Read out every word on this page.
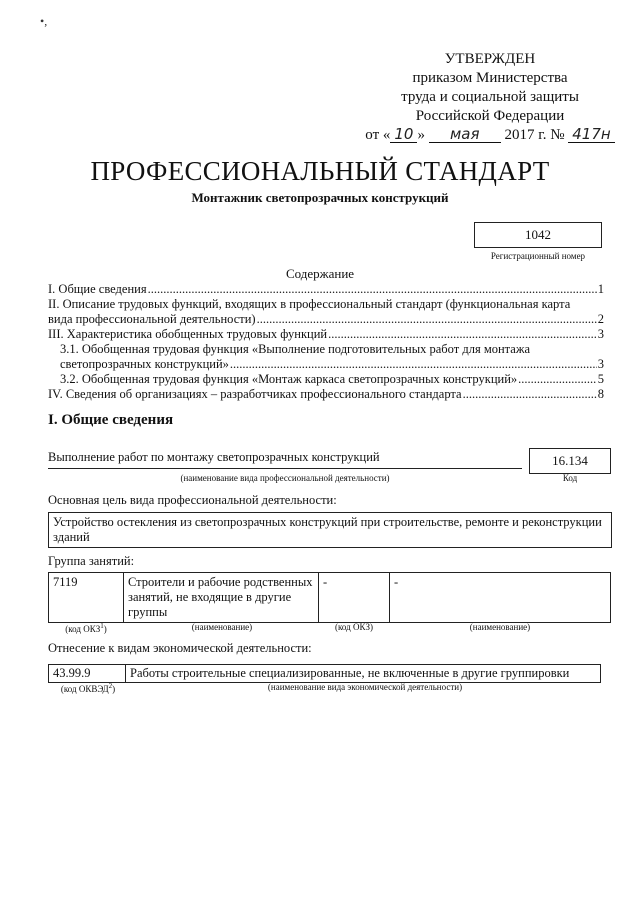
•,
УТВЕРЖДЕН
приказом Министерства
труда и социальной защиты
Российской Федерации
от « 10 » мая 2017 г. № 417н
ПРОФЕССИОНАЛЬНЫЙ СТАНДАРТ
Монтажник светопрозрачных конструкций
1042
Регистрационный номер
Содержание
I. Общие сведения .....	1
II. Описание трудовых функций, входящих в профессиональный стандарт (функциональная карта
вида профессиональной деятельности) .....	2
III. Характеристика обобщенных трудовых функций .....	3
3.1. Обобщенная трудовая функция «Выполнение подготовительных работ для монтажа
светопрозрачных конструкций» .....	3
3.2. Обобщенная трудовая функция «Монтаж каркаса светопрозрачных конструкций» .....	5
IV. Сведения об организациях – разработчиках профессионального стандарта .....	8
I. Общие сведения
Выполнение работ по монтажу светопрозрачных конструкций
(наименование вида профессиональной деятельности)
16.134
Код
Основная цель вида профессиональной деятельности:
Устройство остекления из светопрозрачных конструкций при строительстве, ремонте и реконструкции зданий
Группа занятий:
7119	Строители и рабочие родственных занятий, не входящие в другие группы	-	-
(код ОКЗ$^1$)	(наименование)	(код ОКЗ)	(наименование)
Отнесение к видам экономической деятельности:
43.99.9	Работы строительные специализированные, не включенные в другие группировки
(код ОКВЭД$^2$)	(наименование вида экономической деятельности)
